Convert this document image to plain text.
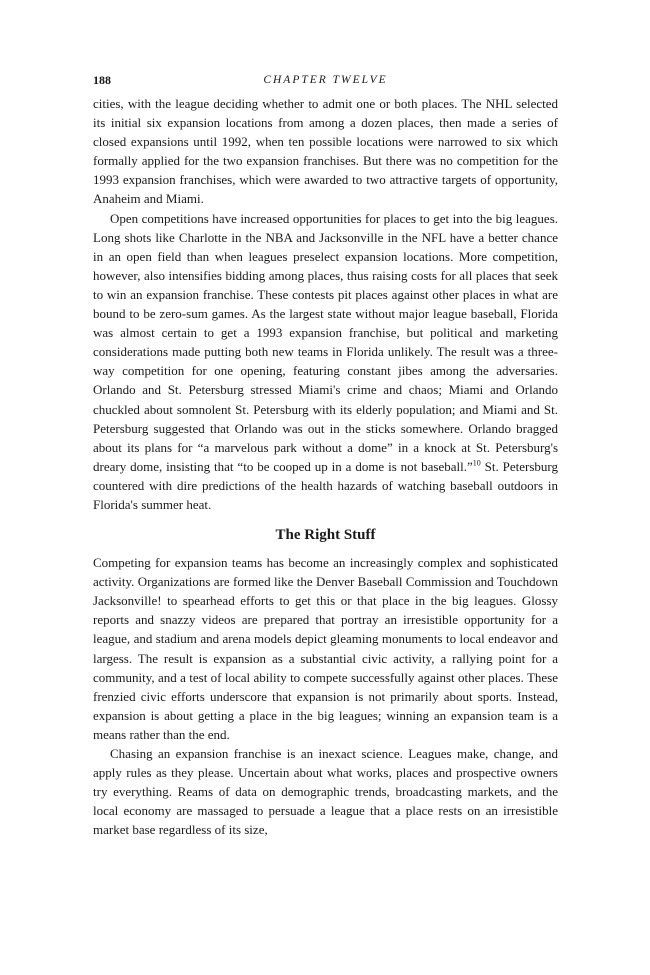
188	CHAPTER TWELVE

cities, with the league deciding whether to admit one or both places. The NHL selected its initial six expansion locations from among a dozen places, then made a series of closed expansions until 1992, when ten possible locations were narrowed to six which formally applied for the two expansion franchises. But there was no competition for the 1993 expansion franchises, which were awarded to two attractive targets of opportunity, Anaheim and Miami.

Open competitions have increased opportunities for places to get into the big leagues. Long shots like Charlotte in the NBA and Jacksonville in the NFL have a better chance in an open field than when leagues preselect expansion locations. More competition, however, also intensifies bidding among places, thus raising costs for all places that seek to win an expansion franchise. These contests pit places against other places in what are bound to be zero-sum games. As the largest state without major league baseball, Florida was almost certain to get a 1993 expansion franchise, but political and marketing considerations made putting both new teams in Florida unlikely. The result was a three-way competition for one opening, featuring constant jibes among the adversaries. Orlando and St. Petersburg stressed Miami's crime and chaos; Miami and Orlando chuckled about somnolent St. Petersburg with its elderly population; and Miami and St. Petersburg suggested that Orlando was out in the sticks somewhere. Orlando bragged about its plans for “a marvelous park without a dome” in a knock at St. Petersburg's dreary dome, insisting that “to be cooped up in a dome is not baseball.”$^{10}$ St. Petersburg countered with dire predictions of the health hazards of watching baseball outdoors in Florida's summer heat.

The Right Stuff

Competing for expansion teams has become an increasingly complex and sophisticated activity. Organizations are formed like the Denver Baseball Commission and Touchdown Jacksonville! to spearhead efforts to get this or that place in the big leagues. Glossy reports and snazzy videos are prepared that portray an irresistible opportunity for a league, and stadium and arena models depict gleaming monuments to local endeavor and largess. The result is expansion as a substantial civic activity, a rallying point for a community, and a test of local ability to compete successfully against other places. These frenzied civic efforts underscore that expansion is not primarily about sports. Instead, expansion is about getting a place in the big leagues; winning an expansion team is a means rather than the end.

Chasing an expansion franchise is an inexact science. Leagues make, change, and apply rules as they please. Uncertain about what works, places and prospective owners try everything. Reams of data on demographic trends, broadcasting markets, and the local economy are massaged to persuade a league that a place rests on an irresistible market base regardless of its size,
